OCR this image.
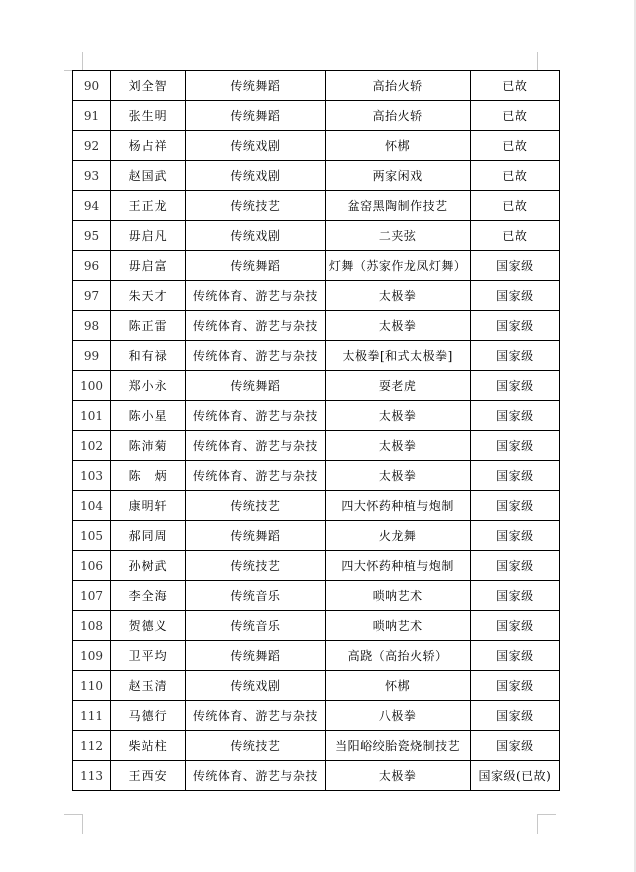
90	刘全智	传统舞蹈	高抬火轿	已故
91	张生明	传统舞蹈	高抬火轿	已故
92	杨占祥	传统戏剧	怀梆	已故
93	赵国武	传统戏剧	两家闲戏	已故
94	王正龙	传统技艺	盆窑黑陶制作技艺	已故
95	毋启凡	传统戏剧	二夹弦	已故
96	毋启富	传统舞蹈	灯舞（苏家作龙凤灯舞）	国家级
97	朱天才	传统体育、游艺与杂技	太极拳	国家级
98	陈正雷	传统体育、游艺与杂技	太极拳	国家级
99	和有禄	传统体育、游艺与杂技	太极拳[和式太极拳]	国家级
100	郑小永	传统舞蹈	耍老虎	国家级
101	陈小星	传统体育、游艺与杂技	太极拳	国家级
102	陈沛菊	传统体育、游艺与杂技	太极拳	国家级
103	陈　炳	传统体育、游艺与杂技	太极拳	国家级
104	康明轩	传统技艺	四大怀药种植与炮制	国家级
105	郝同周	传统舞蹈	火龙舞	国家级
106	孙树武	传统技艺	四大怀药种植与炮制	国家级
107	李全海	传统音乐	唢呐艺术	国家级
108	贺德义	传统音乐	唢呐艺术	国家级
109	卫平均	传统舞蹈	高跷（高抬火轿）	国家级
110	赵玉清	传统戏剧	怀梆	国家级
111	马德行	传统体育、游艺与杂技	八极拳	国家级
112	柴站柱	传统技艺	当阳峪绞胎瓷烧制技艺	国家级
113	王西安	传统体育、游艺与杂技	太极拳	国家级(已故)
